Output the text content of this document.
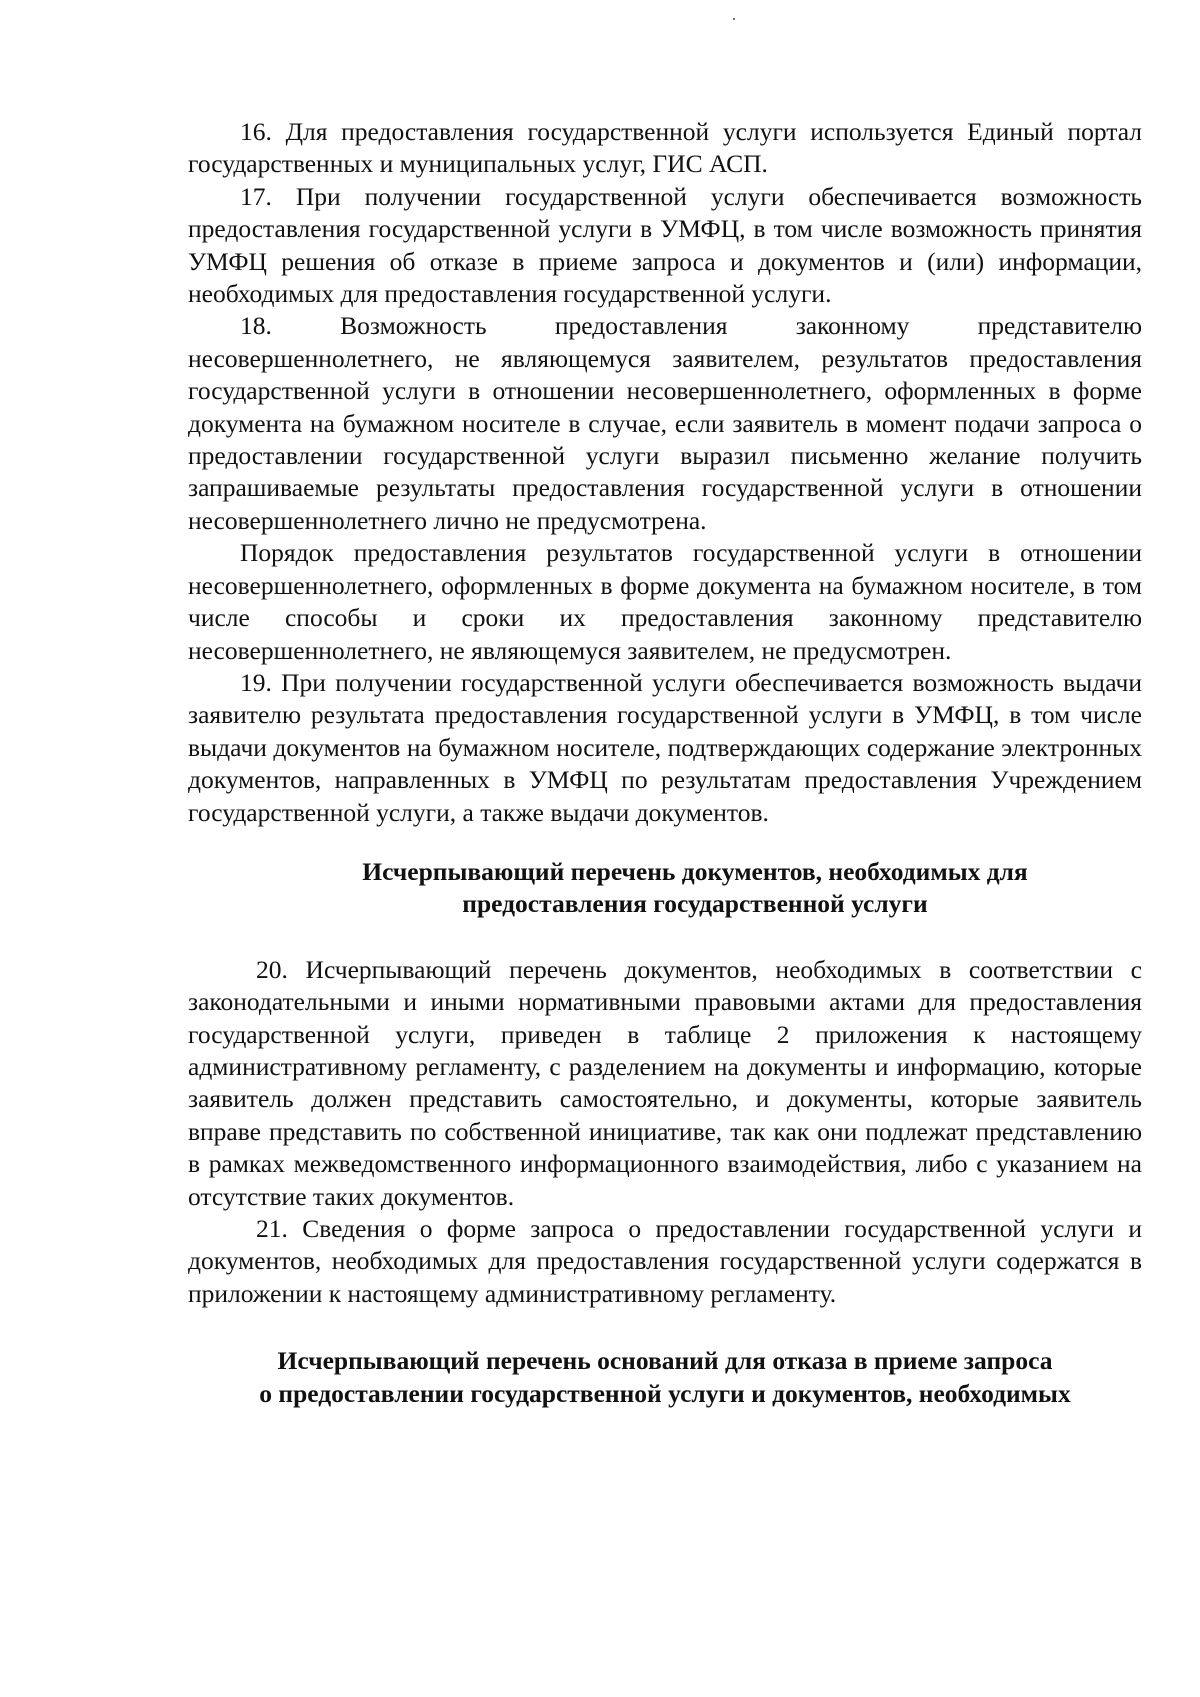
16. Для предоставления государственной услуги используется Единый портал государственных и муниципальных услуг, ГИС АСП.

17. При получении государственной услуги обеспечивается возможность предоставления государственной услуги в УМФЦ, в том числе возможность принятия УМФЦ решения об отказе в приеме запроса и документов и (или) информации, необходимых для предоставления государственной услуги.

18. Возможность предоставления законному представителю несовершеннолетнего, не являющемуся заявителем, результатов предоставления государственной услуги в отношении несовершеннолетнего, оформленных в форме документа на бумажном носителе в случае, если заявитель в момент подачи запроса о предоставлении государственной услуги выразил письменно желание получить запрашиваемые результаты предоставления государственной услуги в отношении несовершеннолетнего лично не предусмотрена.

Порядок предоставления результатов государственной услуги в отношении несовершеннолетнего, оформленных в форме документа на бумажном носителе, в том числе способы и сроки их предоставления законному представителю несовершеннолетнего, не являющемуся заявителем, не предусмотрен.

19. При получении государственной услуги обеспечивается возможность выдачи заявителю результата предоставления государственной услуги в УМФЦ, в том числе выдачи документов на бумажном носителе, подтверждающих содержание электронных документов, направленных в УМФЦ по результатам предоставления Учреждением государственной услуги, а также выдачи документов.

Исчерпывающий перечень документов, необходимых для
предоставления государственной услуги

20. Исчерпывающий перечень документов, необходимых в соответствии с законодательными и иными нормативными правовыми актами для предоставления государственной услуги, приведен в таблице 2 приложения к настоящему административному регламенту, с разделением на документы и информацию, которые заявитель должен представить самостоятельно, и документы, которые заявитель вправе представить по собственной инициативе, так как они подлежат представлению в рамках межведомственного информационного взаимодействия, либо с указанием на отсутствие таких документов.

21. Сведения о форме запроса о предоставлении государственной услуги и документов, необходимых для предоставления государственной услуги содержатся в приложении к настоящему административному регламенту.

Исчерпывающий перечень оснований для отказа в приеме запроса
о предоставлении государственной услуги и документов, необходимых
